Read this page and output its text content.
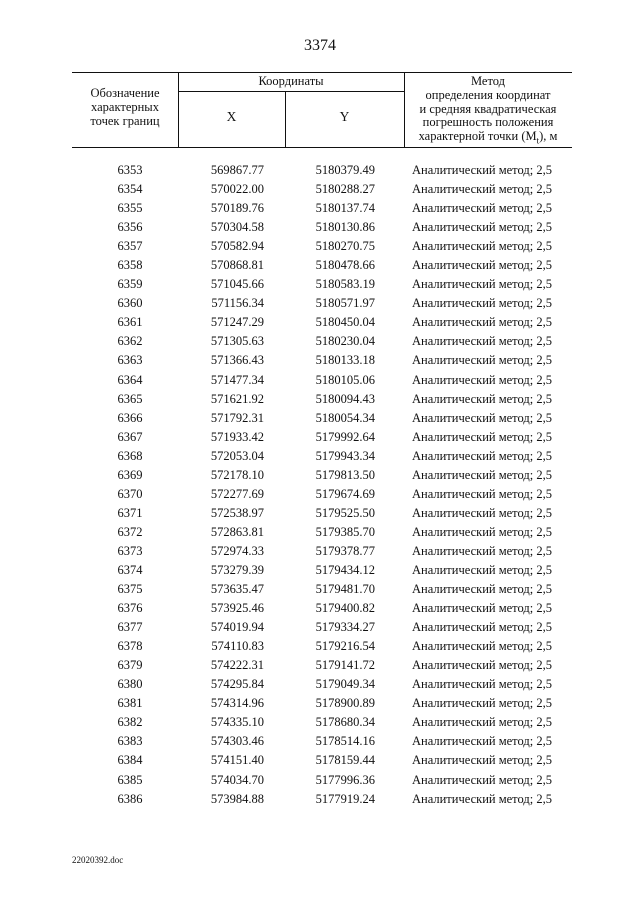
3374
Обозначение
характерных
точек границ
Координаты
X	Y
Метод
определения координат
и средняя квадратическая
погрешность положения
характерной точки $(M_t)$, м
6353	569867.77	5180379.49	Аналитический метод; 2,5
6354	570022.00	5180288.27	Аналитический метод; 2,5
6355	570189.76	5180137.74	Аналитический метод; 2,5
6356	570304.58	5180130.86	Аналитический метод; 2,5
6357	570582.94	5180270.75	Аналитический метод; 2,5
6358	570868.81	5180478.66	Аналитический метод; 2,5
6359	571045.66	5180583.19	Аналитический метод; 2,5
6360	571156.34	5180571.97	Аналитический метод; 2,5
6361	571247.29	5180450.04	Аналитический метод; 2,5
6362	571305.63	5180230.04	Аналитический метод; 2,5
6363	571366.43	5180133.18	Аналитический метод; 2,5
6364	571477.34	5180105.06	Аналитический метод; 2,5
6365	571621.92	5180094.43	Аналитический метод; 2,5
6366	571792.31	5180054.34	Аналитический метод; 2,5
6367	571933.42	5179992.64	Аналитический метод; 2,5
6368	572053.04	5179943.34	Аналитический метод; 2,5
6369	572178.10	5179813.50	Аналитический метод; 2,5
6370	572277.69	5179674.69	Аналитический метод; 2,5
6371	572538.97	5179525.50	Аналитический метод; 2,5
6372	572863.81	5179385.70	Аналитический метод; 2,5
6373	572974.33	5179378.77	Аналитический метод; 2,5
6374	573279.39	5179434.12	Аналитический метод; 2,5
6375	573635.47	5179481.70	Аналитический метод; 2,5
6376	573925.46	5179400.82	Аналитический метод; 2,5
6377	574019.94	5179334.27	Аналитический метод; 2,5
6378	574110.83	5179216.54	Аналитический метод; 2,5
6379	574222.31	5179141.72	Аналитический метод; 2,5
6380	574295.84	5179049.34	Аналитический метод; 2,5
6381	574314.96	5178900.89	Аналитический метод; 2,5
6382	574335.10	5178680.34	Аналитический метод; 2,5
6383	574303.46	5178514.16	Аналитический метод; 2,5
6384	574151.40	5178159.44	Аналитический метод; 2,5
6385	574034.70	5177996.36	Аналитический метод; 2,5
6386	573984.88	5177919.24	Аналитический метод; 2,5
22020392.doc
